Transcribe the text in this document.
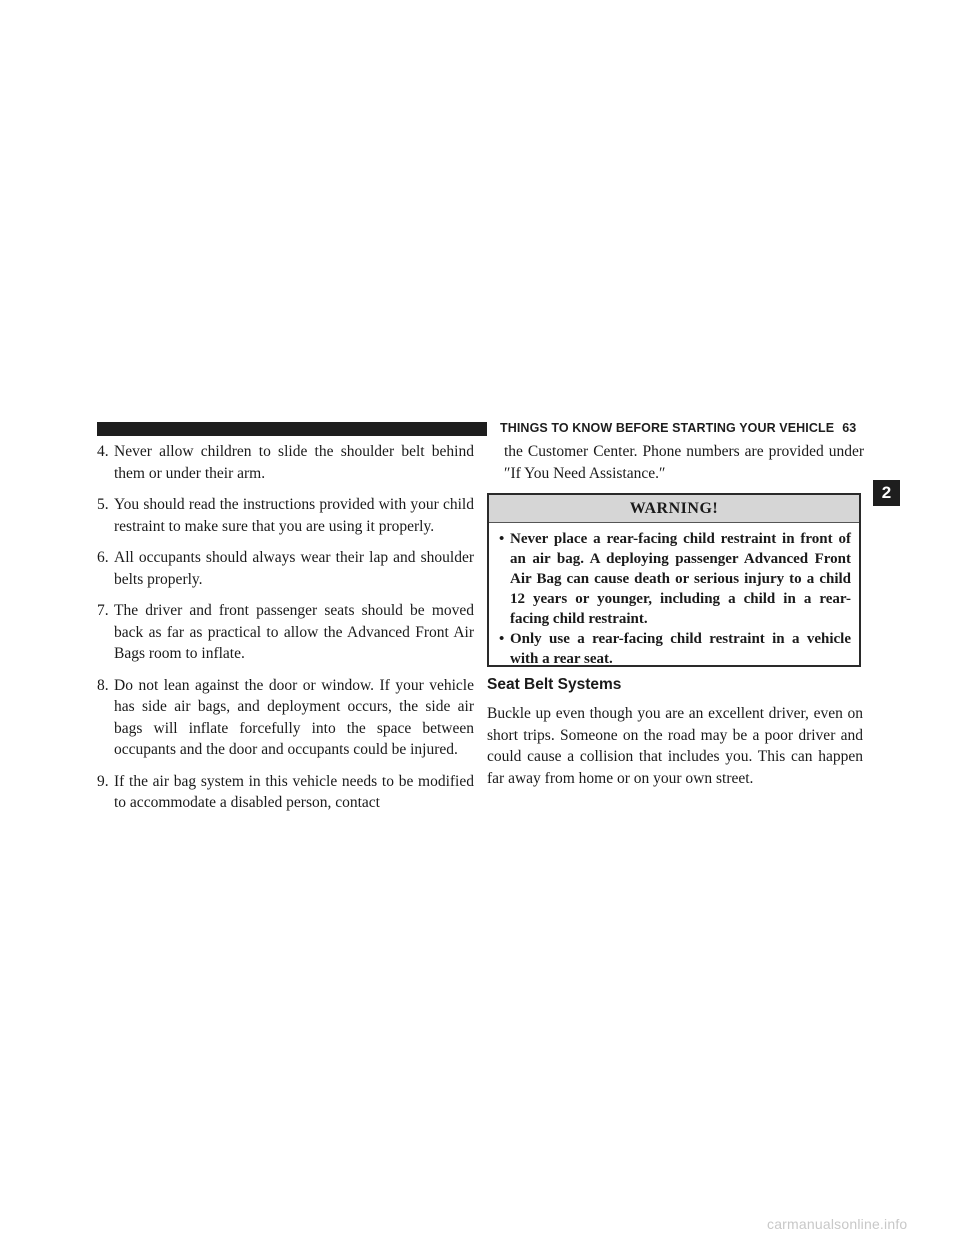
THINGS TO KNOW BEFORE STARTING YOUR VEHICLE 63
2
4. Never allow children to slide the shoulder belt behind them or under their arm.
5. You should read the instructions provided with your child restraint to make sure that you are using it properly.
6. All occupants should always wear their lap and shoulder belts properly.
7. The driver and front passenger seats should be moved back as far as practical to allow the Advanced Front Air Bags room to inflate.
8. Do not lean against the door or window. If your vehicle has side air bags, and deployment occurs, the side air bags will inflate forcefully into the space between occupants and the door and occupants could be injured.
9. If the air bag system in this vehicle needs to be modified to accommodate a disabled person, contact

the Customer Center. Phone numbers are provided under ″If You Need Assistance.″

WARNING!
• Never place a rear-facing child restraint in front of an air bag. A deploying passenger Advanced Front Air Bag can cause death or serious injury to a child 12 years or younger, including a child in a rear-facing child restraint.
• Only use a rear-facing child restraint in a vehicle with a rear seat.
Seat Belt Systems

Buckle up even though you are an excellent driver, even on short trips. Someone on the road may be a poor driver and could cause a collision that includes you. This can happen far away from home or on your own street.

carmanualsonline.info
